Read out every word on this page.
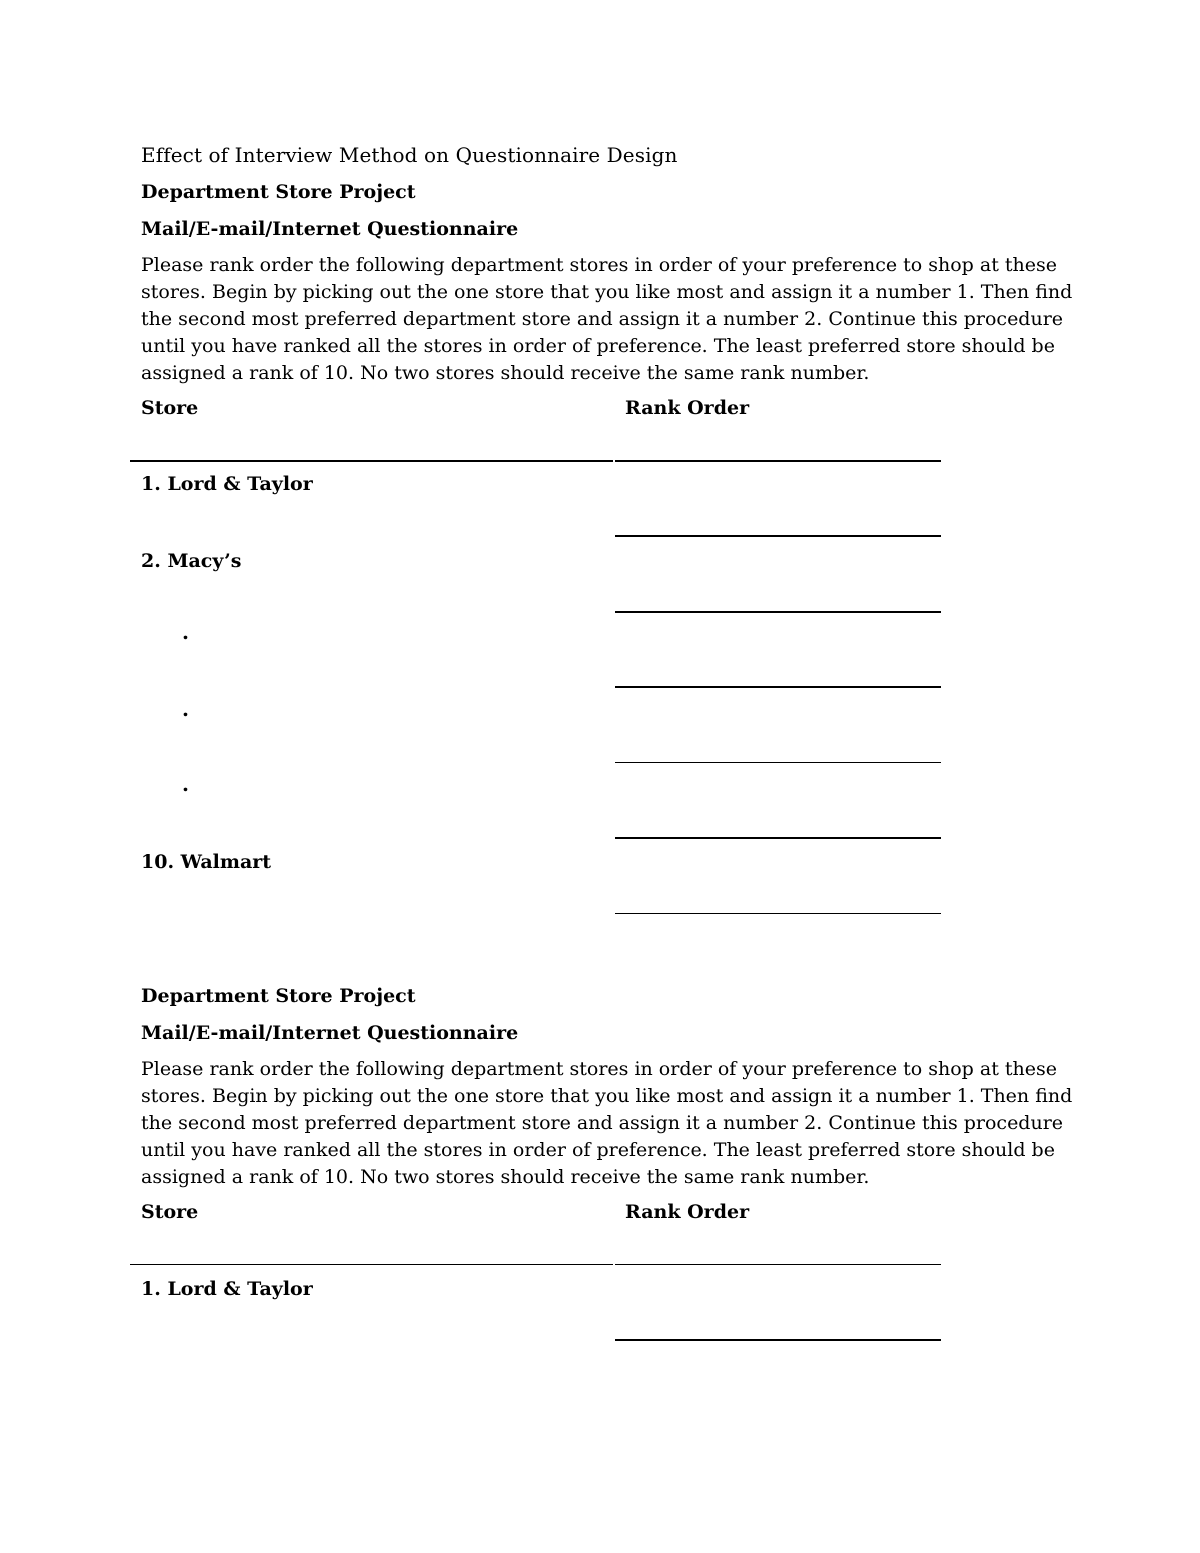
Effect of Interview Method on Questionnaire Design
Department Store Project
Mail/E-mail/Internet Questionnaire
Please rank order the following department stores in order of your preference to shop at these stores. Begin by picking out the one store that you like most and assign it a number 1. Then find the second most preferred department store and assign it a number 2. Continue this procedure until you have ranked all the stores in order of preference. The least preferred store should be assigned a rank of 10. No two stores should receive the same rank number.
Store	Rank Order
1. Lord & Taylor
2. Macy’s
.
.
.
10. Walmart
Department Store Project
Mail/E-mail/Internet Questionnaire
Please rank order the following department stores in order of your preference to shop at these stores. Begin by picking out the one store that you like most and assign it a number 1. Then find the second most preferred department store and assign it a number 2. Continue this procedure until you have ranked all the stores in order of preference. The least preferred store should be assigned a rank of 10. No two stores should receive the same rank number.
Store	Rank Order
1. Lord & Taylor
